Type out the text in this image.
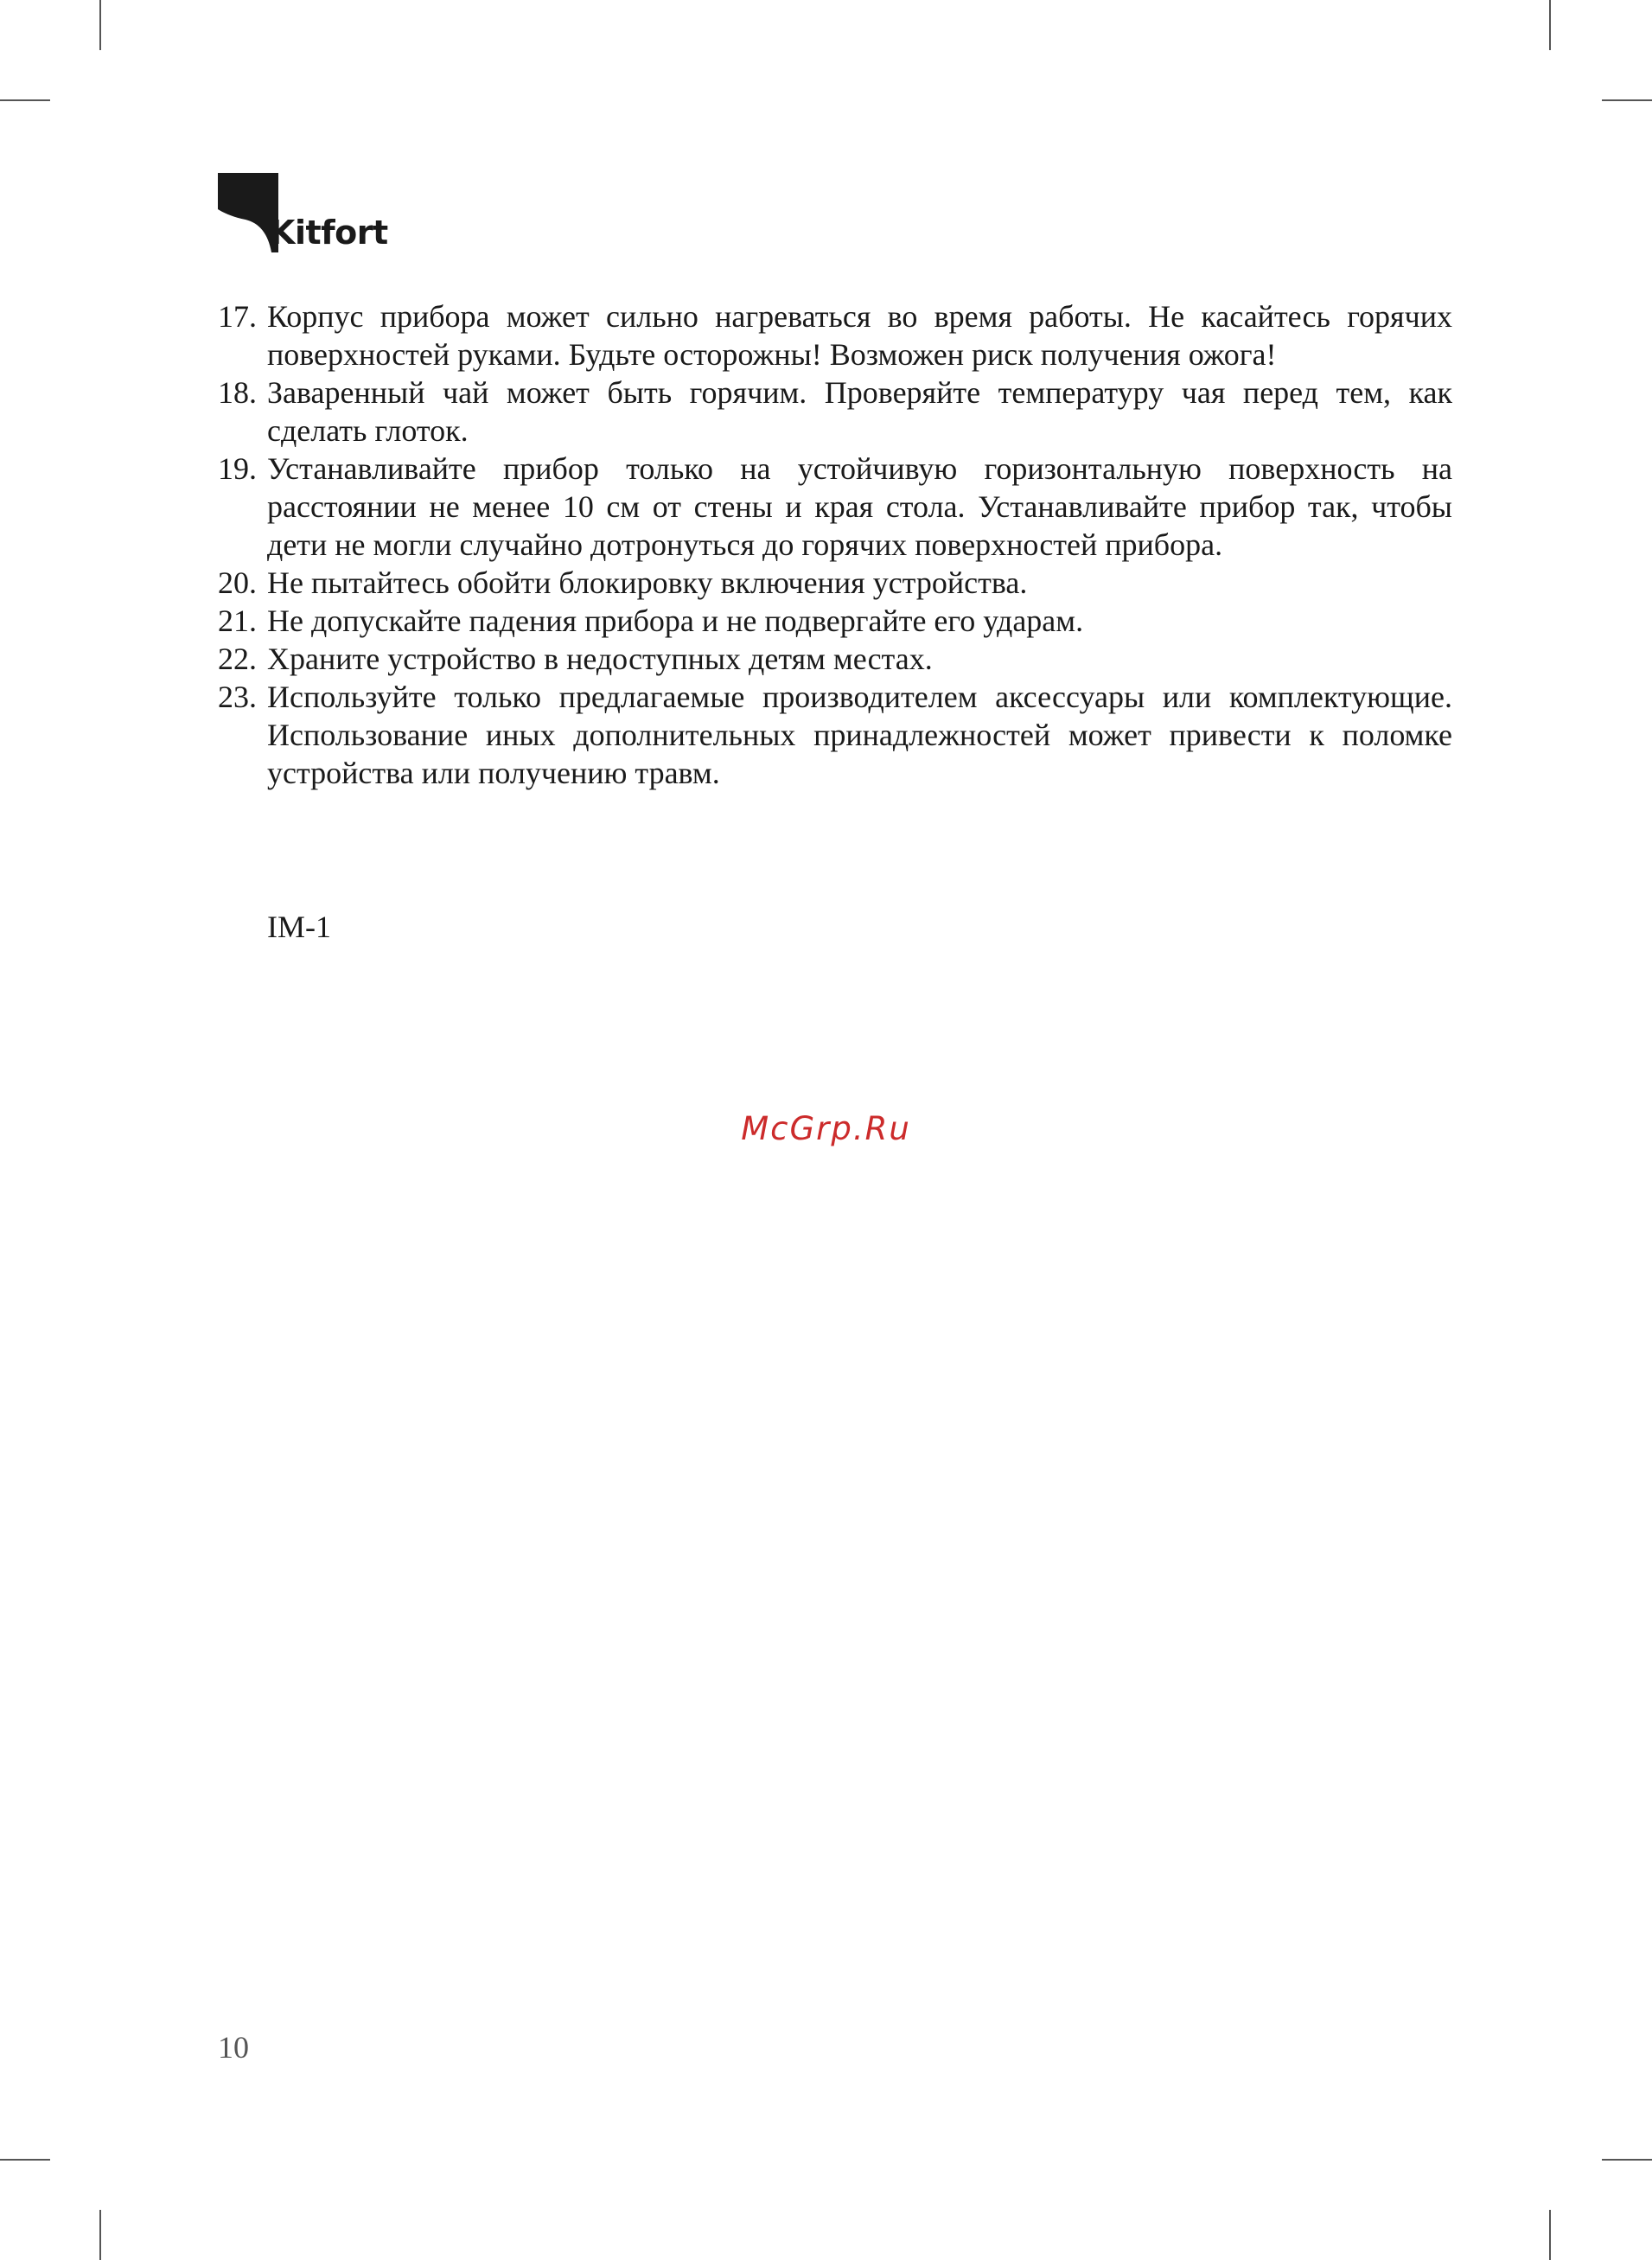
Kitfort
17. Корпус прибора может сильно нагреваться во время работы. Не касайтесь горячих поверхностей руками. Будьте осторожны! Возможен риск получения ожога!
18. Заваренный чай может быть горячим. Проверяйте температуру чая перед тем, как сделать глоток.
19. Устанавливайте прибор только на устойчивую горизонтальную поверхность на расстоянии не менее 10 см от стены и края стола. Устанавливайте прибор так, чтобы дети не могли случайно дотронуться до горячих поверхностей прибора.
20. Не пытайтесь обойти блокировку включения устройства.
21. Не допускайте падения прибора и не подвергайте его ударам.
22. Храните устройство в недоступных детям местах.
23. Используйте только предлагаемые производителем аксессуары или комплектующие. Использование иных дополнительных принадлежностей может привести к поломке устройства или получению травм.
IM-1
McGrp.Ru
10
